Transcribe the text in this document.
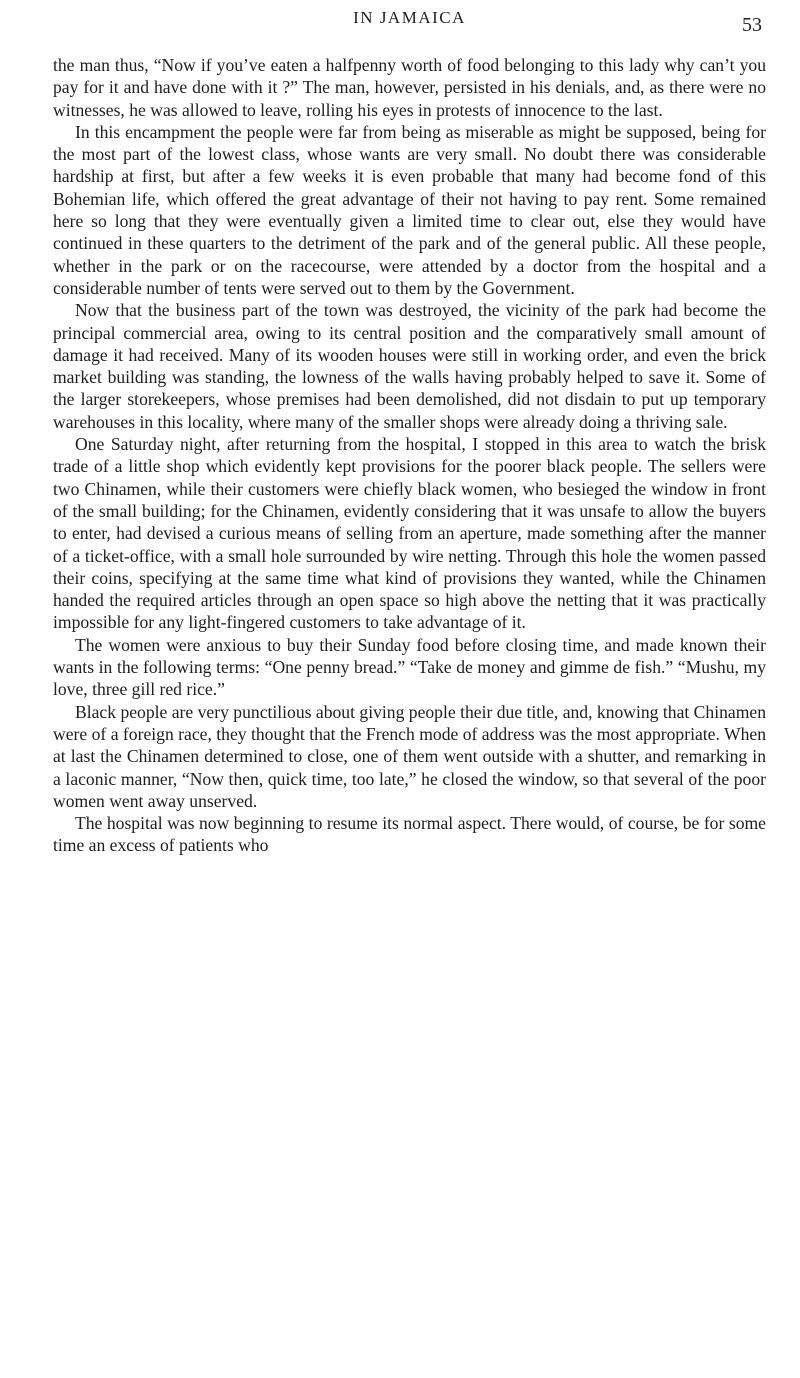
IN JAMAICA	53

the man thus, “Now if you’ve eaten a halfpenny worth of food belonging to this lady why can’t you pay for it and have done with it ?” The man, however, persisted in his denials, and, as there were no witnesses, he was allowed to leave, rolling his eyes in protests of innocence to the last.

In this encampment the people were far from being as miserable as might be supposed, being for the most part of the lowest class, whose wants are very small. No doubt there was considerable hardship at first, but after a few weeks it is even probable that many had become fond of this Bohemian life, which offered the great advantage of their not having to pay rent. Some remained here so long that they were eventually given a limited time to clear out, else they would have continued in these quarters to the detriment of the park and of the general public. All these people, whether in the park or on the racecourse, were attended by a doctor from the hospital and a considerable number of tents were served out to them by the Government.

Now that the business part of the town was destroyed, the vicinity of the park had become the principal commercial area, owing to its central position and the comparatively small amount of damage it had received. Many of its wooden houses were still in working order, and even the brick market building was standing, the lowness of the walls having probably helped to save it. Some of the larger storekeepers, whose premises had been demolished, did not disdain to put up temporary warehouses in this locality, where many of the smaller shops were already doing a thriving sale.

One Saturday night, after returning from the hospital, I stopped in this area to watch the brisk trade of a little shop which evidently kept provisions for the poorer black people. The sellers were two Chinamen, while their customers were chiefly black women, who besieged the window in front of the small building; for the Chinamen, evidently considering that it was unsafe to allow the buyers to enter, had devised a curious means of selling from an aperture, made something after the manner of a ticket-office, with a small hole surrounded by wire netting. Through this hole the women passed their coins, specifying at the same time what kind of provisions they wanted, while the Chinamen handed the required articles through an open space so high above the netting that it was practically impossible for any light-fingered customers to take advantage of it.

The women were anxious to buy their Sunday food before closing time, and made known their wants in the following terms: “One penny bread.” “Take de money and gimme de fish.” “Mushu, my love, three gill red rice.”

Black people are very punctilious about giving people their due title, and, knowing that Chinamen were of a foreign race, they thought that the French mode of address was the most appropriate. When at last the Chinamen determined to close, one of them went outside with a shutter, and remarking in a laconic manner, “Now then, quick time, too late,” he closed the window, so that several of the poor women went away unserved.

The hospital was now beginning to resume its normal aspect. There would, of course, be for some time an excess of patients who
